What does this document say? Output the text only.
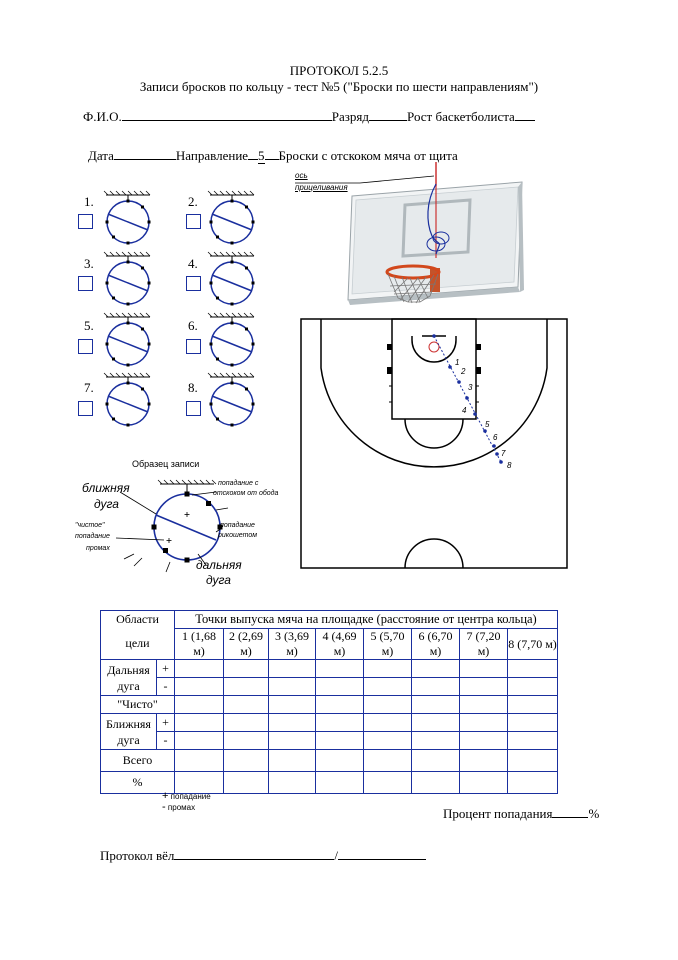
ПРОТОКОЛ 5.2.5
Записи бросков по кольцу - тест №5 ("Броски по шести направлениям")
Ф.И.О.	Разряд	Рост баскетболиста
Дата	Направление 5 Броски с отскоком мяча от щита
1.	2.
3.	4.
5.	6.
7.	8.
ось
прицеливания
1
2
3
4
5
6
7
8
Образец записи
ближняя
дуга
попадание с
отскоком от обода
"чистое"
попадание
промах
попадание
рикошетом
дальняя
дуга
Области		Точки выпуска мяча на площадке (расстояние от центра кольца)							
цели		1 (1,68 м)	2 (2,69 м)	3 (3,69 м)	4 (4,69 м)	5 (5,70 м)	6 (6,70 м)	7 (7,20 м)	8 (7,70 м)
Дальняя
дуга	+								
	-								
"Чисто"									
Ближняя
дуга	+								
	-								
Всего									
%									
+ попадание
- промах	Процент попадания	%
Протокол вёл	/
